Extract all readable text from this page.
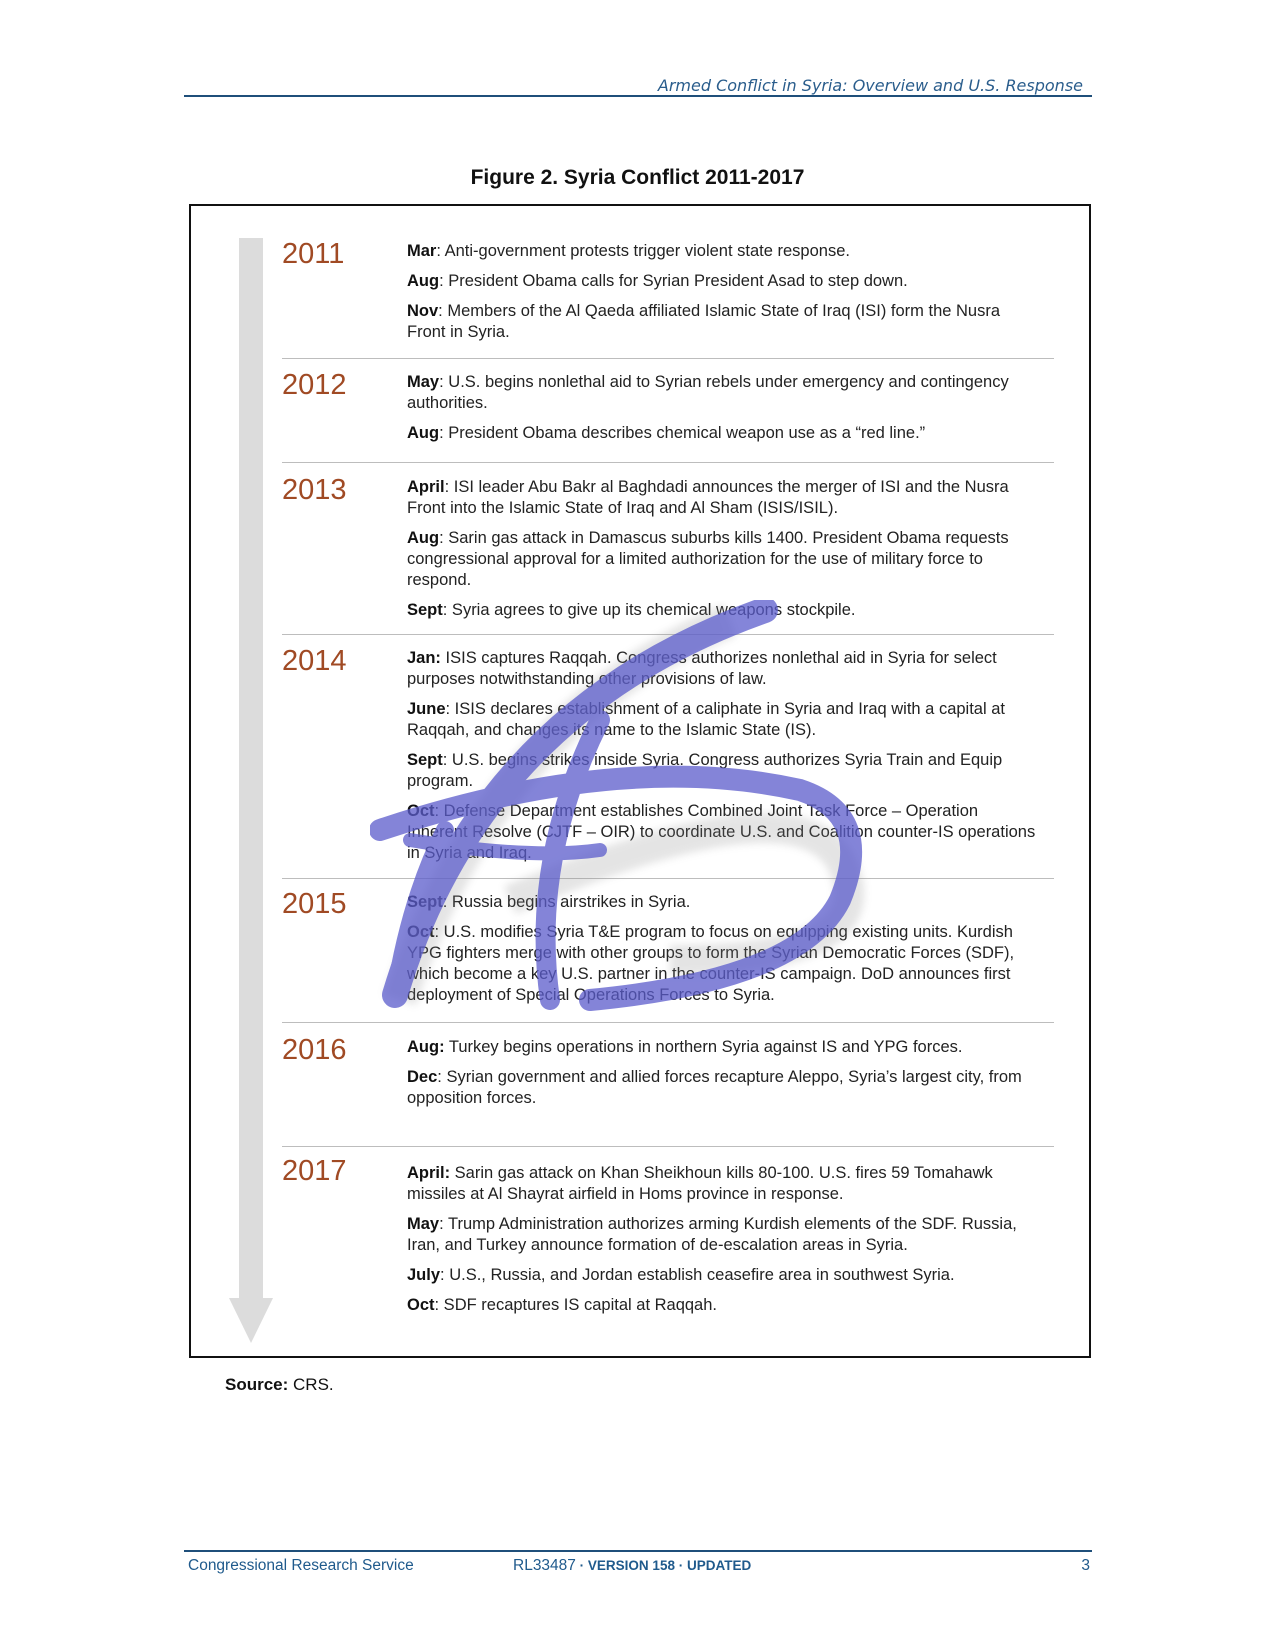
Armed Conflict in Syria: Overview and U.S. Response
Figure 2. Syria Conflict 2011-2017
2011	Mar: Anti-government protests trigger violent state response.

Aug: President Obama calls for Syrian President Asad to step down.

Nov: Members of the Al Qaeda affiliated Islamic State of Iraq (ISI) form the Nusra Front in Syria.

2012	May: U.S. begins nonlethal aid to Syrian rebels under emergency and contingency authorities.

Aug: President Obama describes chemical weapon use as a “red line.”

2013	April: ISI leader Abu Bakr al Baghdadi announces the merger of ISI and the Nusra Front into the Islamic State of Iraq and Al Sham (ISIS/ISIL).

Aug: Sarin gas attack in Damascus suburbs kills 1400. President Obama requests congressional approval for a limited authorization for the use of military force to respond.

Sept: Syria agrees to give up its chemical weapons stockpile.

2014	Jan: ISIS captures Raqqah. Congress authorizes nonlethal aid in Syria for select purposes notwithstanding other provisions of law.

June: ISIS declares establishment of a caliphate in Syria and Iraq with a capital at Raqqah, and changes its name to the Islamic State (IS).

Sept: U.S. begins strikes inside Syria. Congress authorizes Syria Train and Equip program.

Oct: Defense Department establishes Combined Joint Task Force – Operation Inherent Resolve (CJTF – OIR) to coordinate U.S. and Coalition counter-IS operations in Syria and Iraq.

2015	Sept: Russia begins airstrikes in Syria.

Oct: U.S. modifies Syria T&E program to focus on equipping existing units. Kurdish YPG fighters merge with other groups to form the Syrian Democratic Forces (SDF), which become a key U.S. partner in the counter-IS campaign. DoD announces first deployment of Special Operations Forces to Syria.

2016	Aug: Turkey begins operations in northern Syria against IS and YPG forces.

Dec: Syrian government and allied forces recapture Aleppo, Syria’s largest city, from opposition forces.

2017	April: Sarin gas attack on Khan Sheikhoun kills 80-100. U.S. fires 59 Tomahawk missiles at Al Shayrat airfield in Homs province in response.

May: Trump Administration authorizes arming Kurdish elements of the SDF. Russia, Iran, and Turkey announce formation of de-escalation areas in Syria.

July: U.S., Russia, and Jordan establish ceasefire area in southwest Syria.

Oct: SDF recaptures IS capital at Raqqah.

Source: CRS.
Congressional Research Service	RL33487 · VERSION 158 · UPDATED	3
